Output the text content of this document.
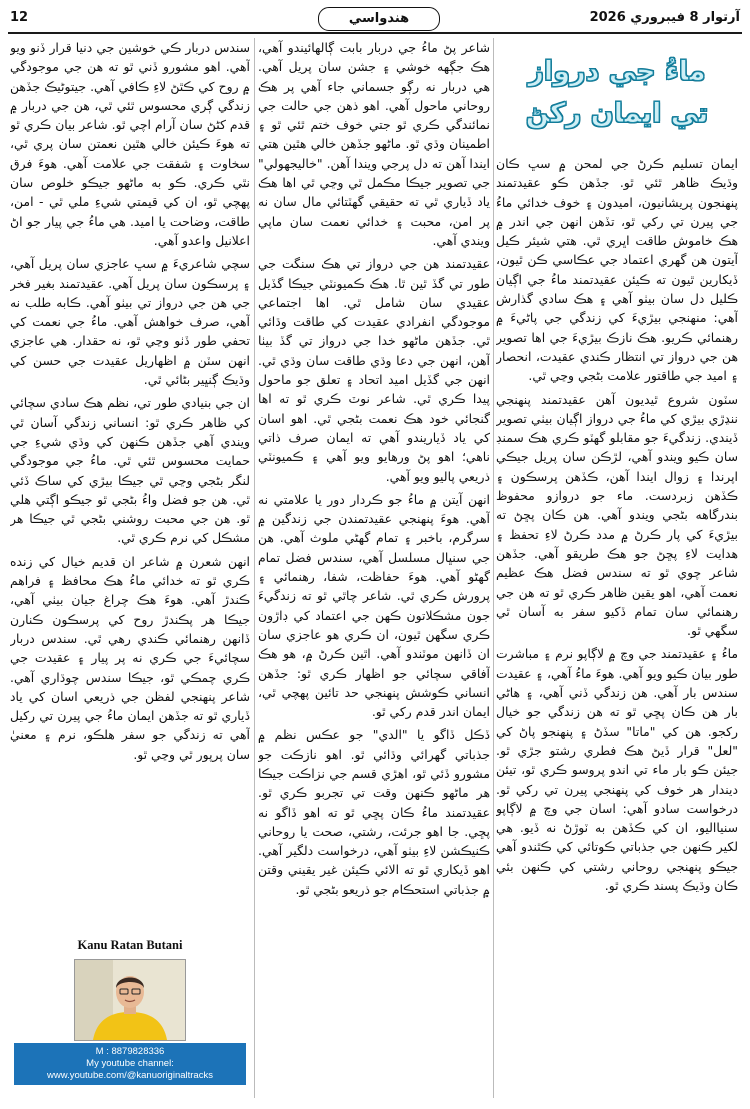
12	هندواسي	آرتوار 8 فيبروري 2026
ماءُ جي درواز
تي ايمان رکڻ

ايمان تسليم ڪرڻ جي لمحن ۾ سڀ ڪان وڌيڪ ظاهر ٿئي ٿو. جڏهن ڪو عقيدتمند پنهنجون پريشانيون، اميدون ۽ خوف خدائي ماءُ جي پيرن تي رکي ٿو، تڏهن انهن جي اندر ۾ هڪ خاموش طاقت اڀري ٿي. هتي شيئر ڪيل آيتون هن گهري اعتماد جي عڪاسي ڪن ٿيون، ڏيکارين ٿيون ته ڪيئن عقيدتمند ماءُ جي اڳيان ڪليل دل سان بيٺو آهي ۽ هڪ سادي گذارش آهي: منهنجي بيڙيءَ کي زندگي جي پاڻيءَ ۾ رهنمائي ڪريو. هڪ نازڪ بيڙيءَ جي اها تصوير هن جي درواز تي انتظار ڪندي عقيدت، انحصار ۽ اميد جي طاقتور علامت بڻجي وڃي ٿي.

سٽون شروع ٿيديون آهن عقيدتمند پنهنجي ننڍڙي بيڙي کي ماءُ جي درواز اڳيان بيٺي تصوير ڏيندي. زندگيءَ جو مقابلو گهٽو ڪري هڪ سمنڊ سان ڪيو ويندو آهي، لڙڪن سان پريل جيڪي اپرندا ۽ زوال ايندا آهن، ڪڏهن پرسڪون ۽ ڪڏهن زبردست. ماء جو دروازو محفوظ بندرگاهه بڻجي ويندو آهي. هن ڪان پڇڻ ته بيڙيءَ کي پار ڪرڻ ۾ مدد ڪرڻ لاءِ تحفظ ۽ هدايت لاءِ پڇڻ جو هڪ طريقو آهي. جڏهن شاعر چوي ٿو ته سندس فضل هڪ عظيم نعمت آهي، اهو يقين ظاهر ڪري ٿو ته هن جي رهنمائي سان تمام ڏکيو سفر به آسان ٿي سگهي ٿو.

ماءُ ۽ عقيدتمند جي وچ ۾ لاڳاپو نرم ۽ مباشرت طور بيان ڪيو ويو آهي. هوءَ ماءُ آهي، ۽ عقيدت سندس بار آهي. هن زندگي ڏني آهي، ۽ هاڻي بار هن ڪان پڇي ٿو ته هن زندگي جو خيال رکجو. هن کي "ماتا" سڏڻ ۽ پنهنجو پاڻ کي "لعل" قرار ڏيڻ هڪ فطري رشتو جڙي ٿو. جيئن ڪو بار ماء تي اندو پروسو ڪري ٿو، تيئن ديندار هر خوف کي پنهنجي پيرن تي رکي ٿو. درخواست سادو آهي: اسان جي وچ ۾ لاڳاپو سنيااليو، ان کي ڪڏهن به ٽوڙڻ نه ڏيو. هي لکير ڪنهن جي جذباتي ڪوتائي کي ڪٿندو آهي جيڪو پنهنجي روحاني رشتي کي ڪنهن بئي ڪان وڌيڪ پسند ڪري ٿو.

شاعر پڻ ماءُ جي دربار بابت ڳالهائيندو آهي، هڪ جڳهه خوشي ۽ جشن سان پريل آهي. هي دربار نه رڳو جسماني جاء آهي پر هڪ روحاني ماحول آهي. اهو ذهن جي حالت جي نمائندگي ڪري ٿو جتي خوف ختم ٿئي ٿو ۽ اطمينان وڌي ٿو. ماڻهو جڏهن خالي هٿين هتي ايندا آهن ته دل پرجي ويندا آهن. "خاليجهولي" جي تصوير جيڪا مڪمل ٿي وڃي ٿي اها هڪ ياد ڏياري ٿي ته حقيقي گهٽتائي مال سان نه پر امن، محبت ۽ خدائي نعمت سان ماپي ويندي آهي.

عقيدتمند هن جي درواز تي هڪ سنگت جي طور تي گڏ ٿين ٿا. هڪ ڪميونٽي جيڪا گڏيل عقيدي سان شامل ٿي. اها اجتماعي موجودگي انفرادي عقيدت کي طاقت وڌائي ٿي. جڏهن ماڻهو خدا جي درواز تي گڏ بيٺا آهن، انهن جي دعا وڌي طاقت سان وڌي ٿي. انهن جي گڏيل اميد اتحاد ۽ تعلق جو ماحول پيدا ڪري ٿي. شاعر نوٽ ڪري ٿو ته اها گنجائي خود هڪ نعمت بڻجي ٿي. اهو اسان کي ياد ڏياريندو آهي ته ايمان صرف ذاتي ناهي؛ اهو پڻ ورهايو ويو آهي ۽ ڪميونٽي ذريعي پاليو ويو آهي.

انهن آيتن ۾ ماءُ جو ڪردار دور يا علامتي نه آهي. هوءَ پنهنجي عقيدتمندن جي زندگين ۾ سرگرم، باخبر ۽ تمام گهڻي ملوث آهي. هن جي سنڀال مسلسل آهي، سندس فضل تمام گهڻو آهي. هوءَ حفاظت، شفا، رهنمائي ۽ پرورش ڪري ٿي. شاعر چاٿي ٿو ته زندگيءَ جون مشڪلاتون ڪهن جي اعتماد کي ڊاڙون ڪري سگهن ٿيون، ان ڪري هو عاجزي سان ان ڏانهن موٽندو آهي. اٿين ڪرڻ ۾، هو هڪ آفاقي سچائي جو اظهار ڪري ٿو: جڏهن انساني ڪوشش پنهنجي حد تائين پهچي ٿي، ايمان اندر قدم رکي ٿو.

ڏڪل ڏاگو يا "الدي" جو عڪس نظم ۾ جذباتي گهرائي وڌائي ٿو. اهو نازڪت جو مشورو ڏئي ٿو، اهڙي قسم جي نزاڪت جيڪا هر ماڻهو ڪنهن وقت تي تجربو ڪري ٿو. عقيدتمند ماءُ ڪان پڇي ٿو ته اهو ڏاگو نه پڇي. جا اهو جرئت، رشتي، صحت يا روحاني ڪنيڪشن لاءِ بيٺو آهي، درخواست دلگير آهي. اهو ڏيکاري ٿو ته الائي ڪيئن غير يقيني وقتن ۾ جذباتي استحڪام جو ذريعو بڻجي ٿو.

سندس دربار ڪي خوشين جي دنيا قرار ڏنو ويو آهي. اهو مشورو ڏني ٿو ته هن جي موجودگي ۾ روح کي ڪٿڻ لاءِ ڪافي آهي. جيتوڻيڪ جڏهن زندگي ڳري محسوس ٿئي ٿي، هن جي دربار ۾ قدم کڻڻ سان آرام اچي ٿو. شاعر بيان ڪري ٿو ته هوءَ ڪيئن خالي هٿين نعمتن سان پري ٿي، سخاوت ۽ شفقت جي علامت آهي. هوءَ فرق نٿي ڪري. ڪو به ماڻهو جيڪو خلوص سان پهچي ٿو، ان کي قيمتي شيءِ ملي ٿي - امن، طاقت، وضاحت يا اميد. هي ماءُ جي پيار جو اڻ اعلانيل واعدو آهي.

سچي شاعريءَ ۾ سڀ عاجزي سان پريل آهي، ۽ پرسڪون سان پريل آهي. عقيدتمند بغير فخر جي هن جي درواز تي بيٺو آهي. ڪابه طلب نه آهي، صرف خواهش آهي. ماءُ جي نعمت کي تحفي طور ڏٺو وڃي ٿو، نه حقدار. هي عاجزي انهن سٽن ۾ اظهاريل عقيدت جي حسن کي وڌيڪ ڳنڀير بڻائي ٿي.

ان جي بنيادي طور تي، نظم هڪ سادي سچائي کي ظاهر ڪري ٿو: انساني زندگي آسان ٿي ويندي آهي جڏهن ڪنهن کي وڌي شيءِ جي حمايت محسوس ٿئي ٿي. ماءُ جي موجودگي لنگر بڻجي وڃي ٿي جيڪا بيڙي کي ساڪ ڏئي ٿي. هن جو فضل واءُ بڻجي ٿو جيڪو اڳتي هلي ٿو. هن جي محبت روشني بڻجي ٿي جيڪا هر مشڪل کي نرم ڪري ٿي.

انهن شعرن ۾ شاعر ان قديم خيال کي زنده ڪري ٿو ته خدائي ماءُ هڪ محافظ ۽ فراهم ڪندڙ آهي. هوءَ هڪ چراغ جيان بيٺي آهي، جيڪا هر پڪندڙ روح کي پرسڪون ڪنارن ڏانهن رهنمائي ڪندي رهي ٿي. سندس دربار سچائيءَ جي ڪري نه پر پيار ۽ عقيدت جي ڪري چمڪي ٿو، جيڪا سندس چوڌاري آهي. شاعر پنهنجي لفظن جي ذريعي اسان کي ياد ڏياري ٿو ته جڏهن ايمان ماءُ جي پيرن تي رکيل آهي ته زندگي جو سفر هلڪو، نرم ۽ معنيٰ سان پرپور ٿي وڃي ٿو.

Kanu Ratan Butani
M : 8879828336
My youtube channel:
www.youtube.com/@kanuoriginaltracks
